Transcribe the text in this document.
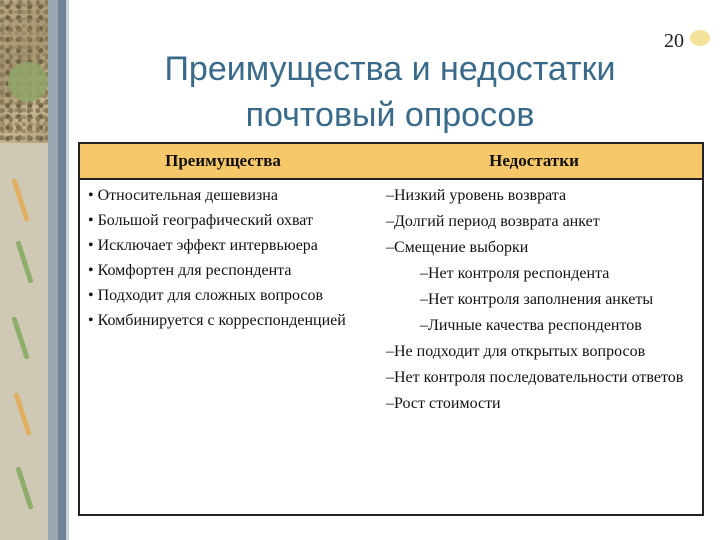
20
Преимущества и недостатки почтовый опросов
Преимущества	Недостатки
• Относительная дешевизна
• Большой географический охват
• Исключает эффект интервьюера
• Комфортен для респондента
• Подходит для сложных вопросов
• Комбинируется с корреспонденцией
–Низкий уровень возврата
–Долгий период возврата анкет
–Смещение выборки
–Нет контроля респондента
–Нет контроля заполнения анкеты
–Личные качества респондентов
–Не подходит для открытых вопросов
–Нет контроля последовательности ответов
–Рост стоимости
